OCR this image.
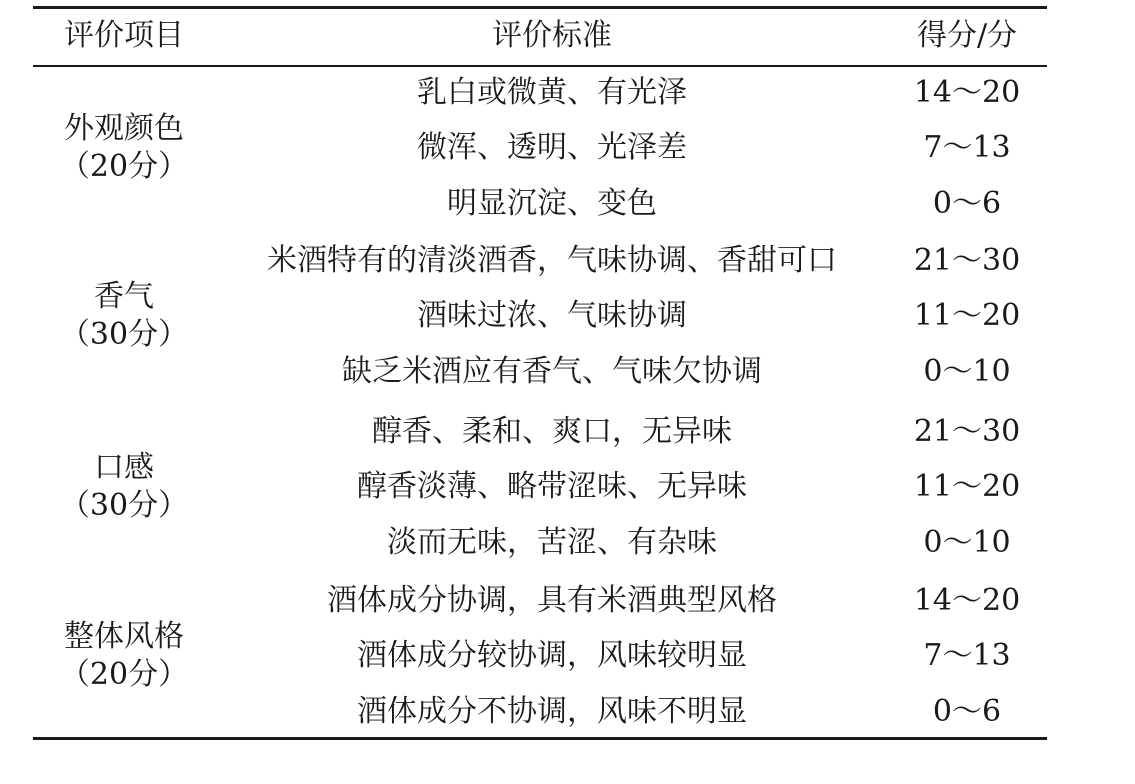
评价项目	评价标准	得分/分
外观颜色
（20分）
乳白或微黄、有光泽	14～20
微浑、透明、光泽差	7～13
明显沉淀、变色	0～6
香气
（30分）
米酒特有的清淡酒香，气味协调、香甜可口	21～30
酒味过浓、气味协调	11～20
缺乏米酒应有香气、气味欠协调	0～10
口感
（30分）
醇香、柔和、爽口，无异味	21～30
醇香淡薄、略带涩味、无异味	11～20
淡而无味，苦涩、有杂味	0～10
整体风格
（20分）
酒体成分协调，具有米酒典型风格	14～20
酒体成分较协调，风味较明显	7～13
酒体成分不协调，风味不明显	0～6
